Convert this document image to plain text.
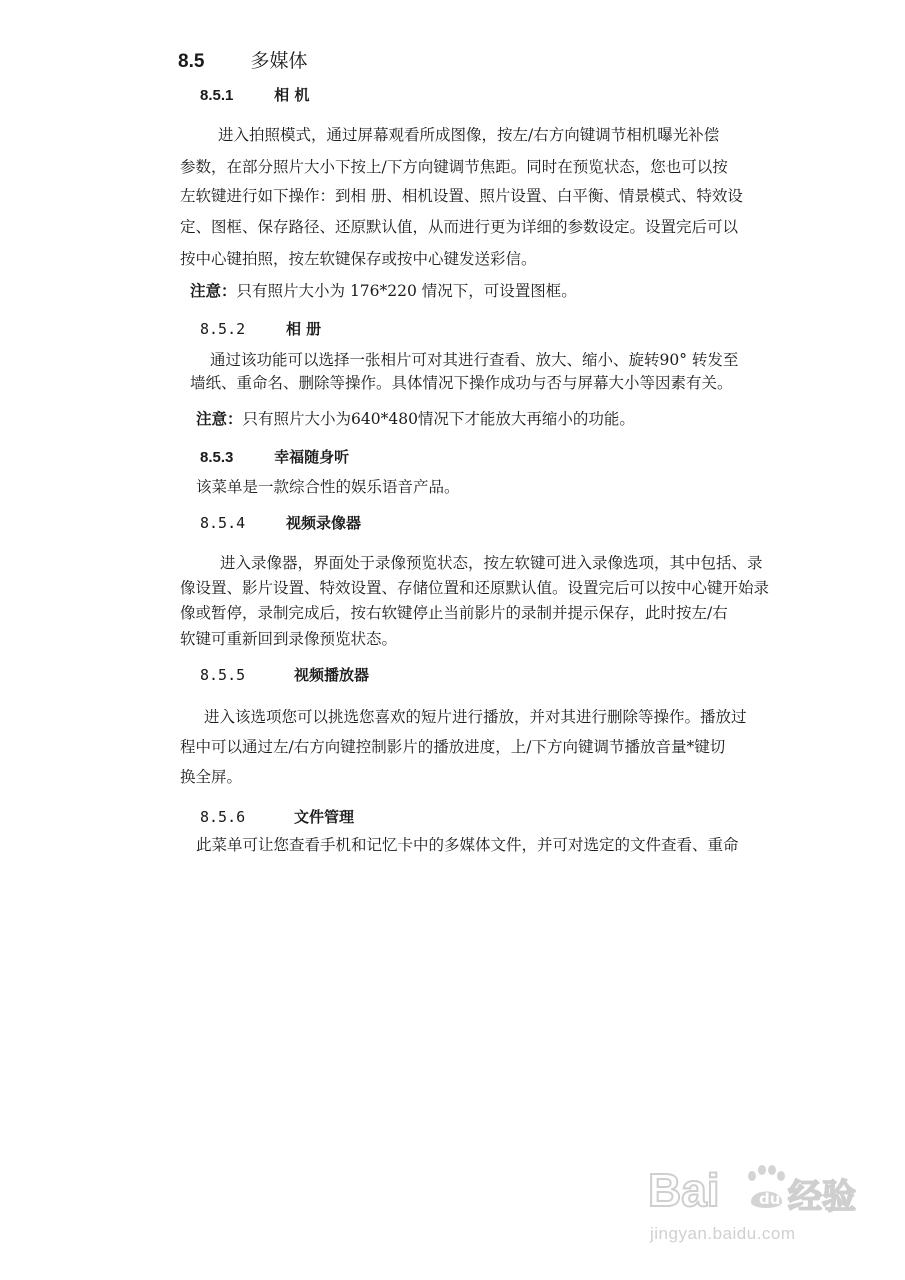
8.5 多媒体
8.5.1	相 机
进入拍照模式，通过屏幕观看所成图像，按左/右方向键调节相机曝光补偿
参数，在部分照片大小下按上/下方向键调节焦距。同时在预览状态，您也可以按
左软键进行如下操作：到相 册、相机设置、照片设置、白平衡、情景模式、特效设
定、图框、保存路径、还原默认值，从而进行更为详细的参数设定。设置完后可以
按中心键拍照，按左软键保存或按中心键发送彩信。
注意：只有照片大小为 176*220 情况下，可设置图框。
8.5.2	相 册
通过该功能可以选择一张相片可对其进行查看、放大、缩小、旋转90° 转发至
墙纸、重命名、删除等操作。具体情况下操作成功与否与屏幕大小等因素有关。
注意：只有照片大小为640*480情况下才能放大再缩小的功能。
8.5.3	幸福随身听
该菜单是一款综合性的娱乐语音产品。
8.5.4	视频录像器
进入录像器，界面处于录像预览状态，按左软键可进入录像选项，其中包括、录
像设置、影片设置、特效设置、存储位置和还原默认值。设置完后可以按中心键开始录
像或暂停，录制完成后，按右软键停止当前影片的录制并提示保存，此时按左/右
软键可重新回到录像预览状态。
8.5.5	视频播放器
进入该选项您可以挑选您喜欢的短片进行播放，并对其进行删除等操作。播放过
程中可以通过左/右方向键控制影片的播放进度，上/下方向键调节播放音量*键切
换全屏。
8.5.6	文件管理
此菜单可让您查看手机和记忆卡中的多媒体文件，并可对选定的文件查看、重命
Bai	du 经验
jingyan.baidu.com
